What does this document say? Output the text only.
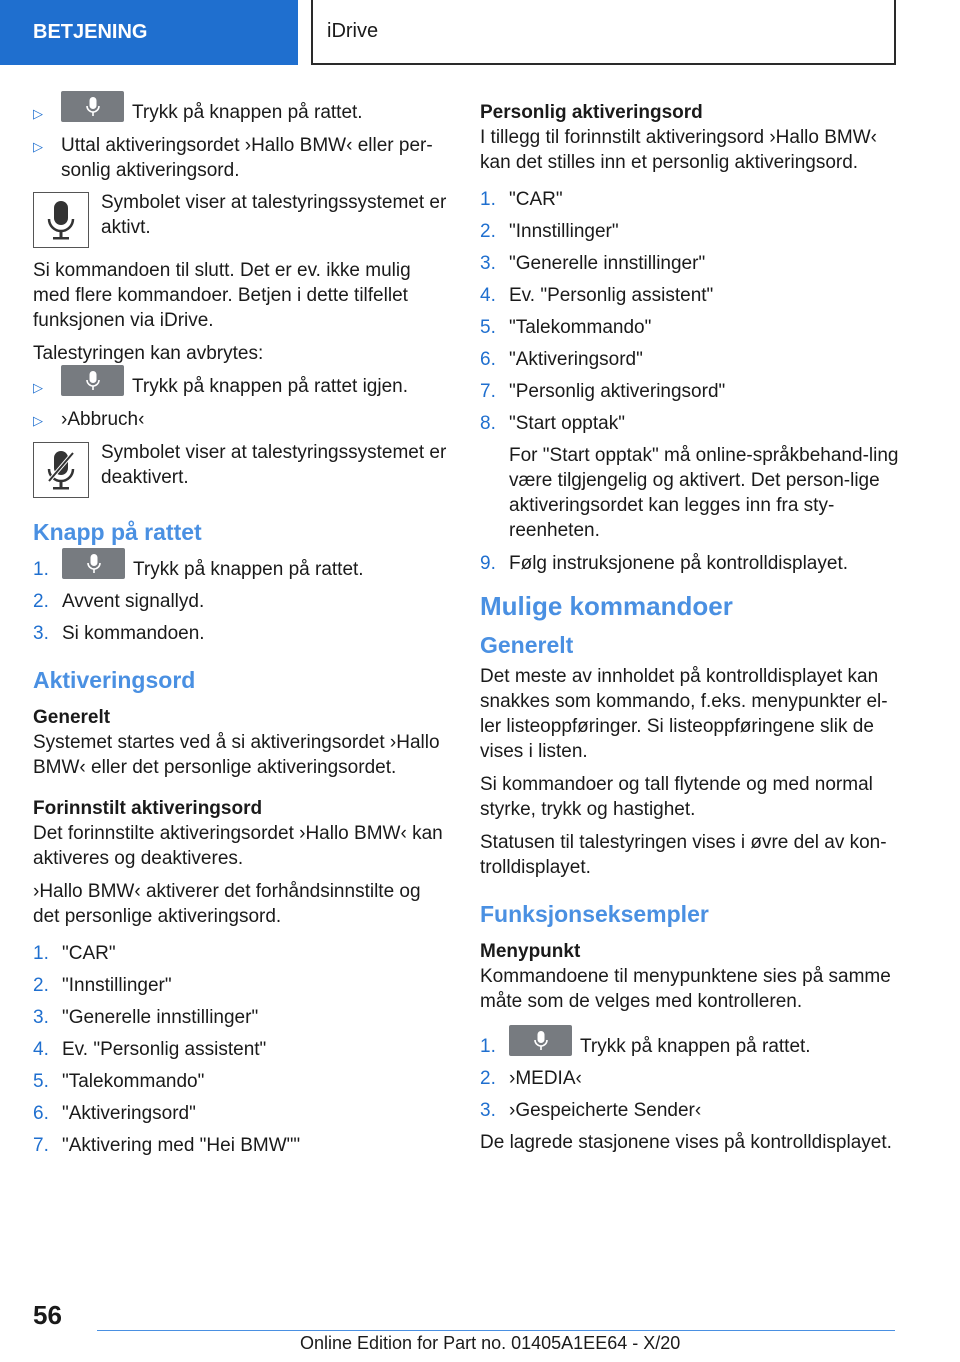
BETJENING	iDrive
▷	Trykk på knappen på rattet.
▷ Uttal aktiveringsordet ›Hallo BMW‹ eller per-sonlig aktiveringsord.
Symbolet viser at talestyringssystemet er aktivt.

Si kommandoen til slutt. Det er ev. ikke mulig med flere kommandoer. Betjen i dette tilfellet funksjonen via iDrive.

Talestyringen kan avbrytes:

▷	Trykk på knappen på rattet igjen.
▷ ›Abbruch‹
Symbolet viser at talestyringssystemet er deaktivert.
Knapp på rattet
1.	Trykk på knappen på rattet.
2. Avvent signallyd.
3. Si kommandoen.
Aktiveringsord
Generelt

Systemet startes ved å si aktiveringsordet ›Hallo BMW‹ eller det personlige aktiveringsordet.

Forinnstilt aktiveringsord

Det forinnstilte aktiveringsordet ›Hallo BMW‹ kan aktiveres og deaktiveres.

›Hallo BMW‹ aktiverer det forhåndsinnstilte og det personlige aktiveringsord.

1. "CAR"
2. "Innstillinger"
3. "Generelle innstillinger"
4. Ev. "Personlig assistent"
5. "Talekommando"
6. "Aktiveringsord"
7. "Aktivering med "Hei BMW""
Personlig aktiveringsord

I tillegg til forinnstilt aktiveringsord ›Hallo BMW‹ kan det stilles inn et personlig aktiveringsord.

1. "CAR"
2. "Innstillinger"
3. "Generelle innstillinger"
4. Ev. "Personlig assistent"
5. "Talekommando"
6. "Aktiveringsord"
7. "Personlig aktiveringsord"
8. "Start opptak"
For "Start opptak" må online-språkbehand-ling være tilgjengelig og aktivert. Det person-lige aktiveringsordet kan legges inn fra sty-reenheten.
9. Følg instruksjonene på kontrolldisplayet.
Mulige kommandoer
Generelt

Det meste av innholdet på kontrolldisplayet kan snakkes som kommando, f.eks. menypunkter el-ler listeoppføringer. Si listeoppføringene slik de vises i listen.

Si kommandoer og tall flytende og med normal styrke, trykk og hastighet.

Statusen til talestyringen vises i øvre del av kon-trolldisplayet.

Funksjonseksempler
Menypunkt

Kommandoene til menypunktene sies på samme måte som de velges med kontrolleren.

1.	Trykk på knappen på rattet.
2. ›MEDIA‹
3. ›Gespeicherte Sender‹

De lagrede stasjonene vises på kontrolldisplayet.

56
Online Edition for Part no. 01405A1EE64 - X/20
